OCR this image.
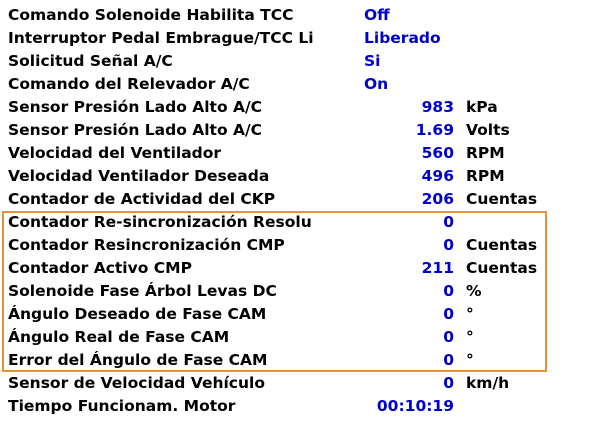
Comando Solenoide Habilita TCC	Off
Interruptor Pedal Embrague/TCC Li	Liberado
Solicitud Señal A/C	Si
Comando del Relevador A/C	On
Sensor Presión Lado Alto A/C	983 kPa
Sensor Presión Lado Alto A/C	1.69 Volts
Velocidad del Ventilador	560 RPM
Velocidad Ventilador Deseada	496 RPM
Contador de Actividad del CKP	206 Cuentas
Contador Re-sincronización Resolu	0
Contador Resincronización CMP	0 Cuentas
Contador Activo CMP	211 Cuentas
Solenoide Fase Árbol Levas DC	0 %
Ángulo Deseado de Fase CAM	0 °
Ángulo Real de Fase CAM	0 °
Error del Ángulo de Fase CAM	0 °
Sensor de Velocidad Vehículo	0 km/h
Tiempo Funcionam. Motor	00:10:19
